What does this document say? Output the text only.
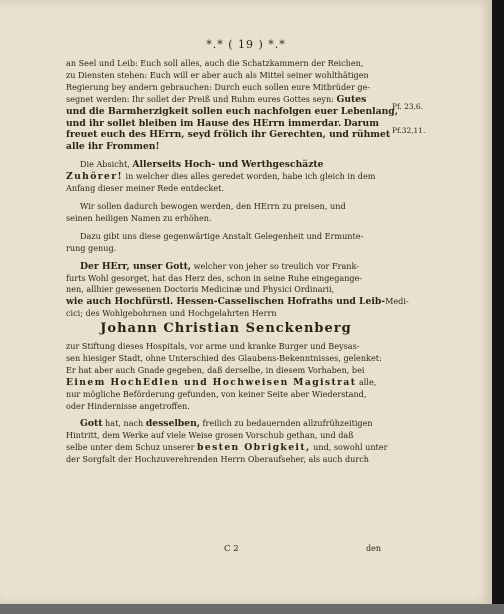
*.* ( 19 ) *.*

an Seel und Leib: Euch soll alles, auch die Schatzkammern der Reichen,
zu Diensten stehen: Euch will er aber auch als Mittel seiner wohlthätigen
Regierung bey andern gebrauchen: Durch euch sollen eure Mitbrüder ge-
segnet werden: Ihr sollet der Preiß und Ruhm eures Gottes seyn: Gutes
und die Barmherzigkeit sollen euch nachfolgen euer Lebenlang,
und ihr sollet bleiben im Hause des HErrn immerdar. Darum
freuet euch des HErrn, seyd frölich ihr Gerechten, und rühmet
alle ihr Frommen!

Die Absicht, Allerseits Hoch- und Werthgeschäzte
Zuhörer! in welcher dies alles geredet worden, habe ich gleich in dem
Anfang dieser meiner Rede entdecket.

Wir sollen dadurch bewogen werden, den HErrn zu preisen, und
seinen heiligen Namen zu erhöhen.

Dazu gibt uns diese gegenwärtige Anstalt Gelegenheit und Ermunte-
rung genug.

Der HErr, unser Gott, welcher von jeher so treulich vor Frank-
furts Wohl gesorget, hat das Herz des, schon in seine Ruhe eingegange-
nen, allhier gewesenen Doctoris Medicinæ und Physici Ordinarii,
wie auch Hochfürstl. Hessen-Casselischen Hofraths und Leib-Medi-
cici; des Wohlgebohrnen und Hochgelahrten Herrn
Johann Christian Senckenberg
zur Stiftung dieses Hospitals, vor arme und kranke Burger und Beysas-
sen hiesiger Stadt, ohne Unterschied des Glaubens-Bekenntnisses, gelenket:
Er hat aber auch Gnade gegeben, daß derselbe, in diesem Vorhaben, bei
Einem HochEdlen und Hochweisen Magistrat alle,
nur mögliche Beförderung gefunden, von keiner Seite aber Wiederstand,
oder Hindernisse angetroffen.

Gott hat, nach desselben, freilich zu bedauernden allzufrühzeitigen
Hintritt, dem Werke auf viele Weise grosen Vorschub gethan, und daß
selbe unter dem Schuz unserer besten Obrigkeit, und, sowohl unter
der Sorgfalt der Hochzuverehrenden Herrn Oberaufseher, als auch durch

Pf. 23,6.
Pf.32,11.
C 2	den
